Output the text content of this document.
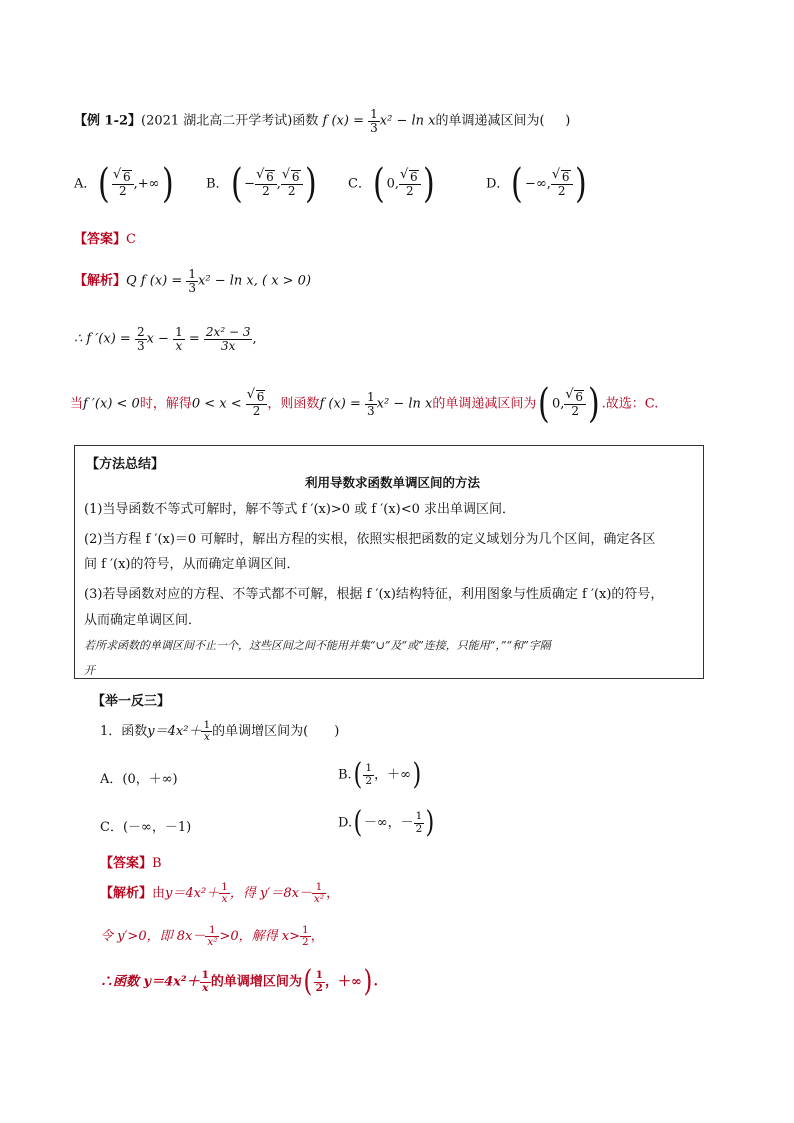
【例 1-2】(2021 湖北高二开学考试)函数 f $(x) = \frac{1}{3} x^2 - \ln x$的单调递减区间为( )
A．( √ $\frac{6}{2}$ ,+∞)	B．( − √ $\frac{6}{2}$ , √ $\frac{6}{2}$ ) C．( 0, √ $\frac{6}{2}$ )	D．( −∞, √ $\frac{6}{2}$ )
【答案】C
【解析】Q f $(x) = \frac{1}{3} x^2 - \ln x$, ( x > 0)
∴ f $'(x) = \frac{2}{3}$ $x - \frac{1}{x} = \frac{\text{2x² − 3}}{3x}$ ,
当f ′(x) < 0时，解得0 < x < √ $\frac{6}{2}$ ，则函数f $(x) = \frac{1}{3} x^2 - \ln x$的单调递减区间为( 0, √ $\frac{6}{2}$ ) .故选：C.
【方法总结】
利用导数求函数单调区间的方法
(1)当导函数不等式可解时，解不等式 f ′(x)>0 或 f ′(x)<0 求出单调区间．
(2)当方程 f ′(x)＝0 可解时，解出方程的实根，依照实根把函数的定义域划分为几个区间，确定各区
间 f ′(x)的符号，从而确定单调区间．
(3)若导函数对应的方程、不等式都不可解，根据 f ′(x)结构特征，利用图象与性质确定 f ′(x)的符号，
从而确定单调区间．
若所求函数的单调区间不止一个，这些区间之间不能用并集“∪”及“或”连接，只能用“，”“和”字隔
开
【举一反三】
1．函数$y=4x^2+ \frac{1}{x}$ 的单调增区间为(　　)
A．(0，＋∞)	$B.( \frac{1}{2}$ ，＋∞)
C．(－∞，－1)	D.(－∞，－ $\frac{1}{2}$ )
【答案】B
【解析】由$y=4x^2+ \frac{1}{x}$ ，得 $y'=8x- \frac{1}{\text{x²}}$ ，
令 y′>0，即 $8x- \frac{1}{\text{x²}} >0$，解得 $x> \frac{1}{2}$ ，
∴函数 $y=4x^2+ \frac{1}{x}$ 的单调增区间为( $\frac{1}{2}$ ，＋∞).
